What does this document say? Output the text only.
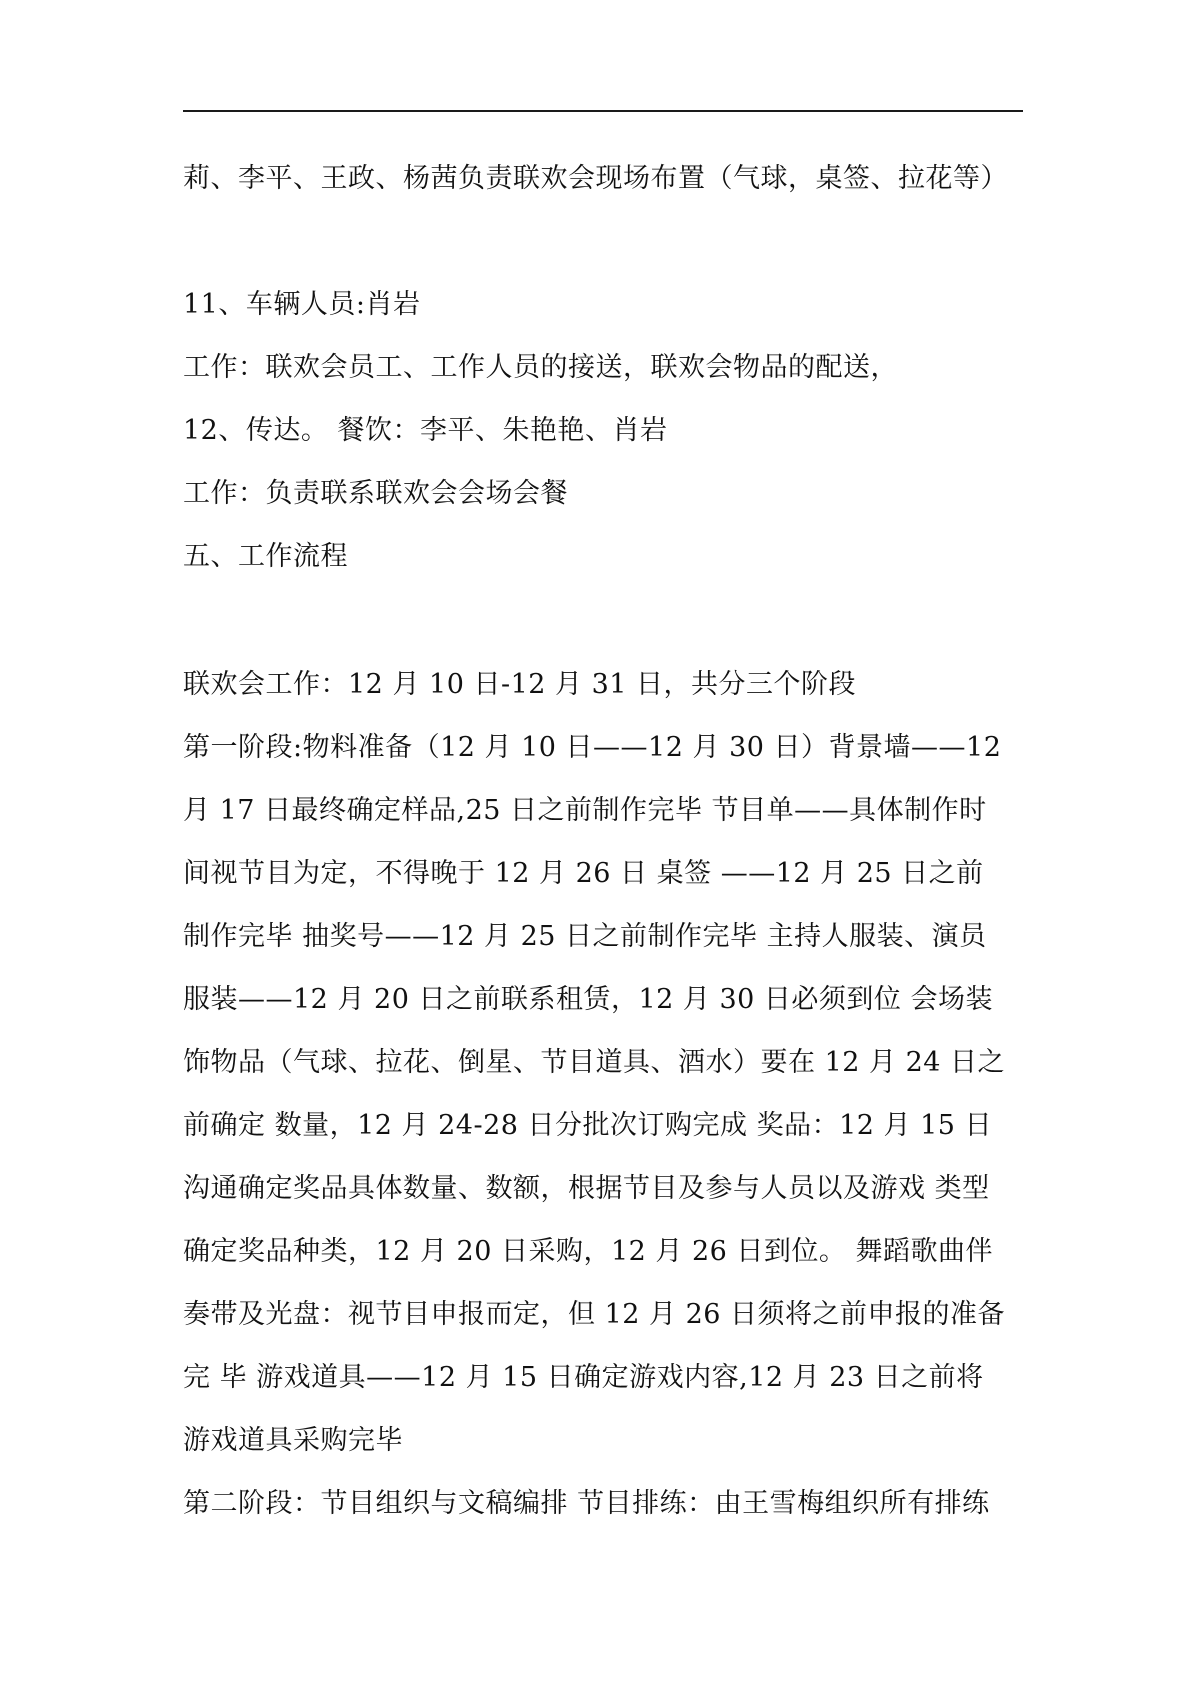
莉、李平、王政、杨茜负责联欢会现场布置（气球，桌签、拉花等）
11、车辆人员:肖岩
工作：联欢会员工、工作人员的接送，联欢会物品的配送，
12、传达。 餐饮：李平、朱艳艳、肖岩
工作：负责联系联欢会会场会餐
五、工作流程
联欢会工作：12 月 10 日-12 月 31 日，共分三个阶段
第一阶段:物料准备（12 月 10 日——12 月 30 日）背景墙——12
月 17 日最终确定样品,25 日之前制作完毕 节目单——具体制作时
间视节目为定，不得晚于 12 月 26 日 桌签 ——12 月 25 日之前
制作完毕 抽奖号——12 月 25 日之前制作完毕 主持人服装、演员
服装——12 月 20 日之前联系租赁，12 月 30 日必须到位 会场装
饰物品（气球、拉花、倒星、节目道具、酒水）要在 12 月 24 日之
前确定 数量，12 月 24-28 日分批次订购完成 奖品：12 月 15 日
沟通确定奖品具体数量、数额，根据节目及参与人员以及游戏 类型
确定奖品种类，12 月 20 日采购，12 月 26 日到位。 舞蹈歌曲伴
奏带及光盘：视节目申报而定，但 12 月 26 日须将之前申报的准备
完 毕 游戏道具——12 月 15 日确定游戏内容,12 月 23 日之前将
游戏道具采购完毕
第二阶段：节目组织与文稿编排 节目排练：由王雪梅组织所有排练
